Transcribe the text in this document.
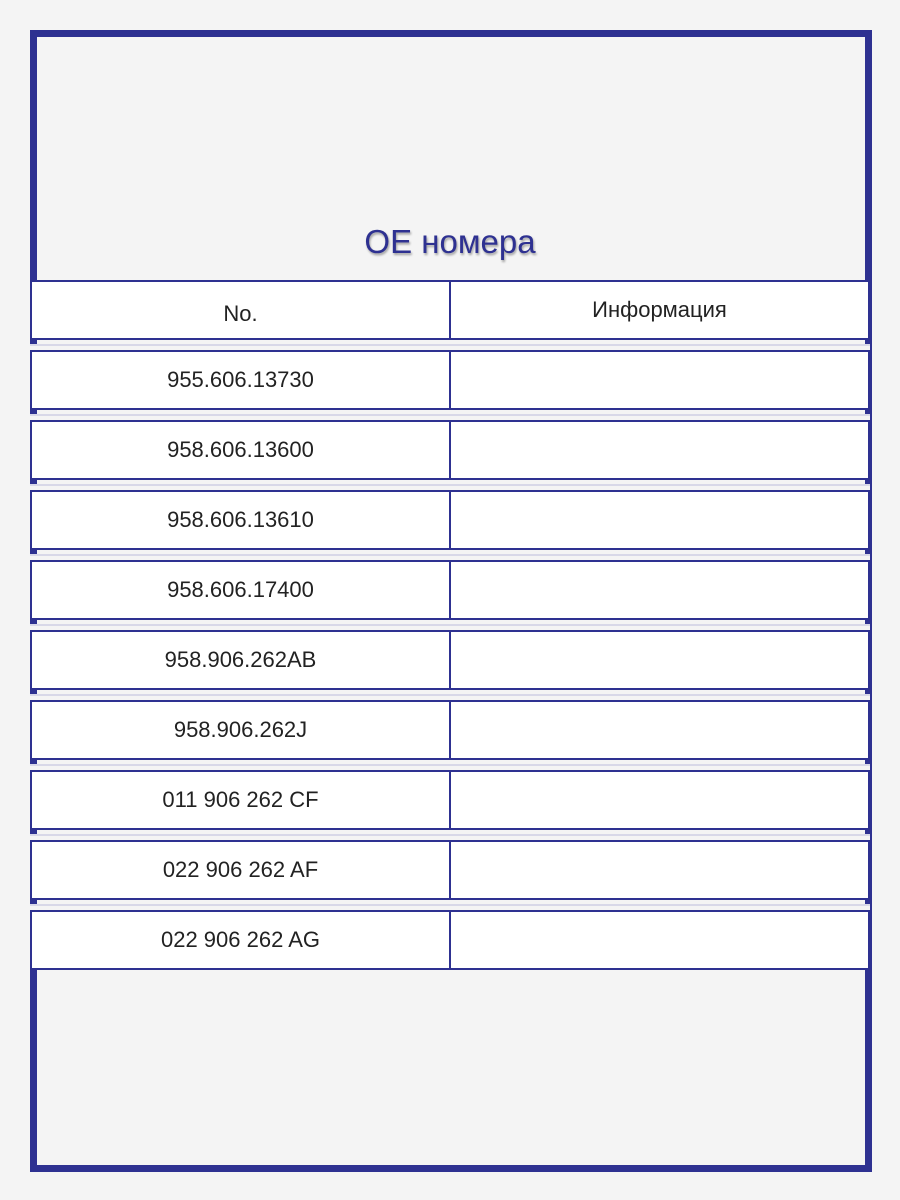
OE номера
No.	Информация
955.606.13730
958.606.13600
958.606.13610
958.606.17400
958.906.262AB
958.906.262J
011 906 262 CF
022 906 262 AF
022 906 262 AG
